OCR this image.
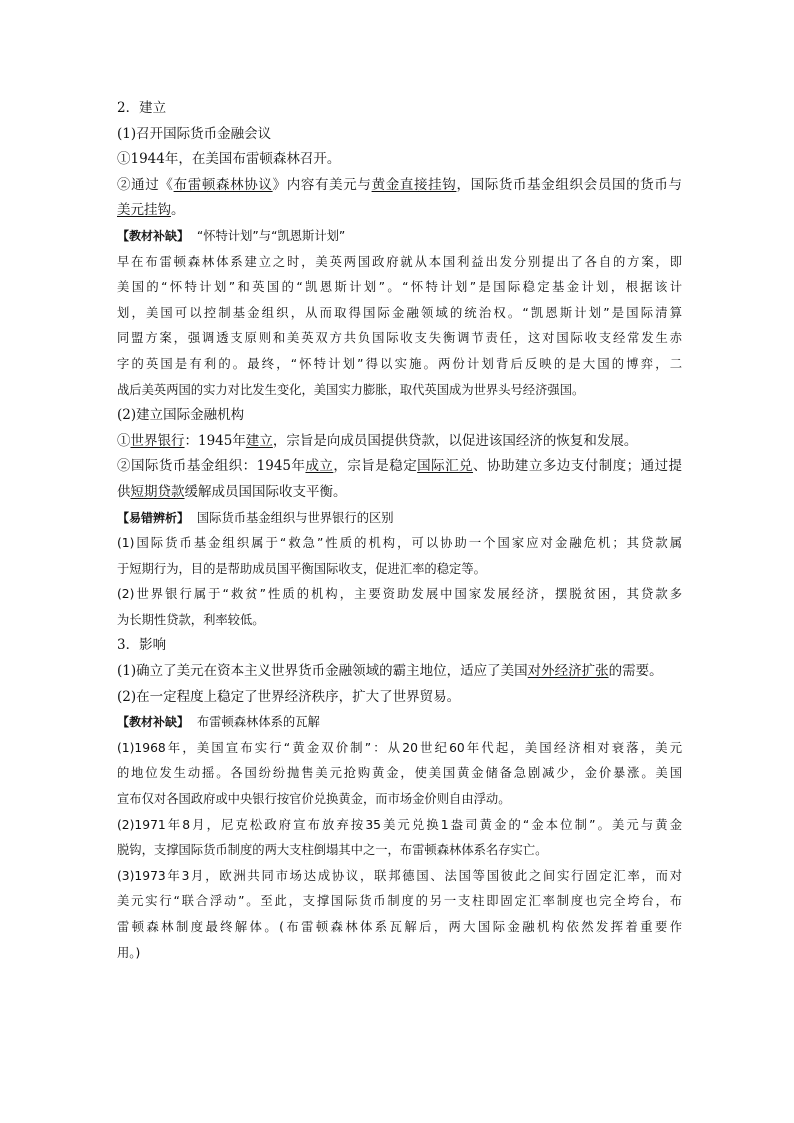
2．建立
(1)召开国际货币金融会议
①1944年，在美国布雷顿森林召开。
②通过《布雷顿森林协议》内容有美元与黄金直接挂钩，国际货币基金组织会员国的货币与
美元挂钩。
【教材补缺】 “怀特计划”与“凯恩斯计划”
早在布雷顿森林体系建立之时，美英两国政府就从本国利益出发分别提出了各自的方案，即
美国的“怀特计划”和英国的“凯恩斯计划”。“怀特计划”是国际稳定基金计划，根据该计
划，美国可以控制基金组织，从而取得国际金融领域的统治权。“凯恩斯计划”是国际清算
同盟方案，强调透支原则和美英双方共负国际收支失衡调节责任，这对国际收支经常发生赤
字的英国是有利的。最终，“怀特计划”得以实施。两份计划背后反映的是大国的博弈，二
战后美英两国的实力对比发生变化，美国实力膨胀，取代英国成为世界头号经济强国。
(2)建立国际金融机构
①世界银行：1945年建立，宗旨是向成员国提供贷款，以促进该国经济的恢复和发展。
②国际货币基金组织：1945年成立，宗旨是稳定国际汇兑、协助建立多边支付制度；通过提
供短期贷款缓解成员国国际收支平衡。
【易错辨析】 国际货币基金组织与世界银行的区别
(1)国际货币基金组织属于“救急”性质的机构，可以协助一个国家应对金融危机；其贷款属
于短期行为，目的是帮助成员国平衡国际收支，促进汇率的稳定等。
(2)世界银行属于“救贫”性质的机构，主要资助发展中国家发展经济，摆脱贫困，其贷款多
为长期性贷款，利率较低。
3．影响
(1)确立了美元在资本主义世界货币金融领域的霸主地位，适应了美国对外经济扩张的需要。
(2)在一定程度上稳定了世界经济秩序，扩大了世界贸易。
【教材补缺】 布雷顿森林体系的瓦解
(1)1968年，美国宣布实行“黄金双价制”：从20世纪60年代起，美国经济相对衰落，美元
的地位发生动摇。各国纷纷抛售美元抢购黄金，使美国黄金储备急剧减少，金价暴涨。美国
宣布仅对各国政府或中央银行按官价兑换黄金，而市场金价则自由浮动。
(2)1971年8月，尼克松政府宣布放弃按35美元兑换1盎司黄金的“金本位制”。美元与黄金
脱钩，支撑国际货币制度的两大支柱倒塌其中之一，布雷顿森林体系名存实亡。
(3)1973年3月，欧洲共同市场达成协议，联邦德国、法国等国彼此之间实行固定汇率，而对
美元实行“联合浮动”。至此，支撑国际货币制度的另一支柱即固定汇率制度也完全垮台，布
雷顿森林制度最终解体。(布雷顿森林体系瓦解后，两大国际金融机构依然发挥着重要作
用。)
